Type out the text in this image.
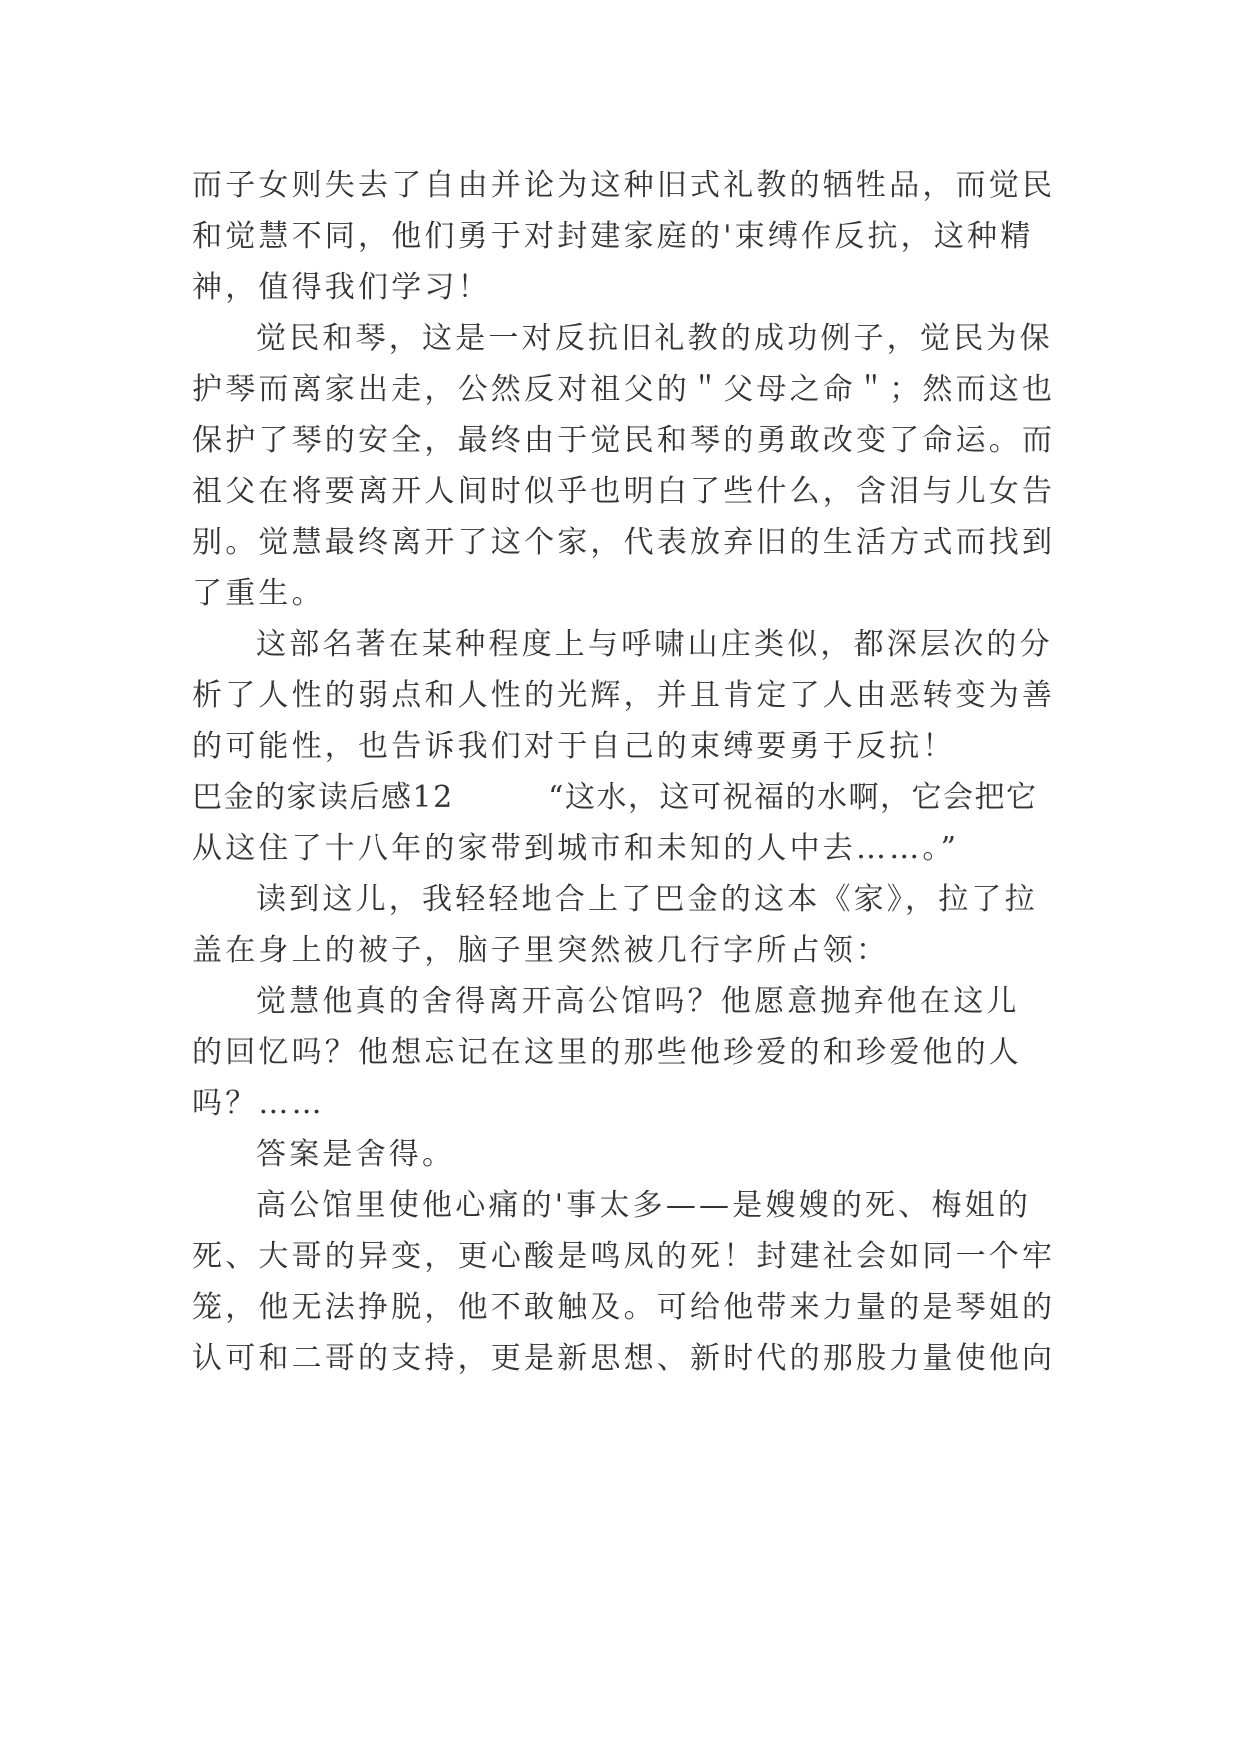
而子女则失去了自由并论为这种旧式礼教的牺牲品，而觉民
和觉慧不同，他们勇于对封建家庭的'束缚作反抗，这种精
神，值得我们学习！
觉民和琴，这是一对反抗旧礼教的成功例子，觉民为保
护琴而离家出走，公然反对祖父的＂父母之命＂；然而这也
保护了琴的安全，最终由于觉民和琴的勇敢改变了命运。而
祖父在将要离开人间时似乎也明白了些什么，含泪与儿女告
别。觉慧最终离开了这个家，代表放弃旧的生活方式而找到
了重生。
这部名著在某种程度上与呼啸山庄类似，都深层次的分
析了人性的弱点和人性的光辉，并且肯定了人由恶转变为善
的可能性，也告诉我们对于自己的束缚要勇于反抗！
巴金的家读后感12　　　“这水，这可祝福的水啊，它会把它
从这住了十八年的家带到城市和未知的人中去……。”
读到这儿，我轻轻地合上了巴金的这本《家》，拉了拉
盖在身上的被子，脑子里突然被几行字所占领：
觉慧他真的舍得离开高公馆吗？他愿意抛弃他在这儿
的回忆吗？他想忘记在这里的那些他珍爱的和珍爱他的人
吗？……
答案是舍得。
高公馆里使他心痛的'事太多——是嫂嫂的死、梅姐的
死、大哥的异变，更心酸是鸣凤的死！封建社会如同一个牢
笼，他无法挣脱，他不敢触及。可给他带来力量的是琴姐的
认可和二哥的支持，更是新思想、新时代的那股力量使他向
